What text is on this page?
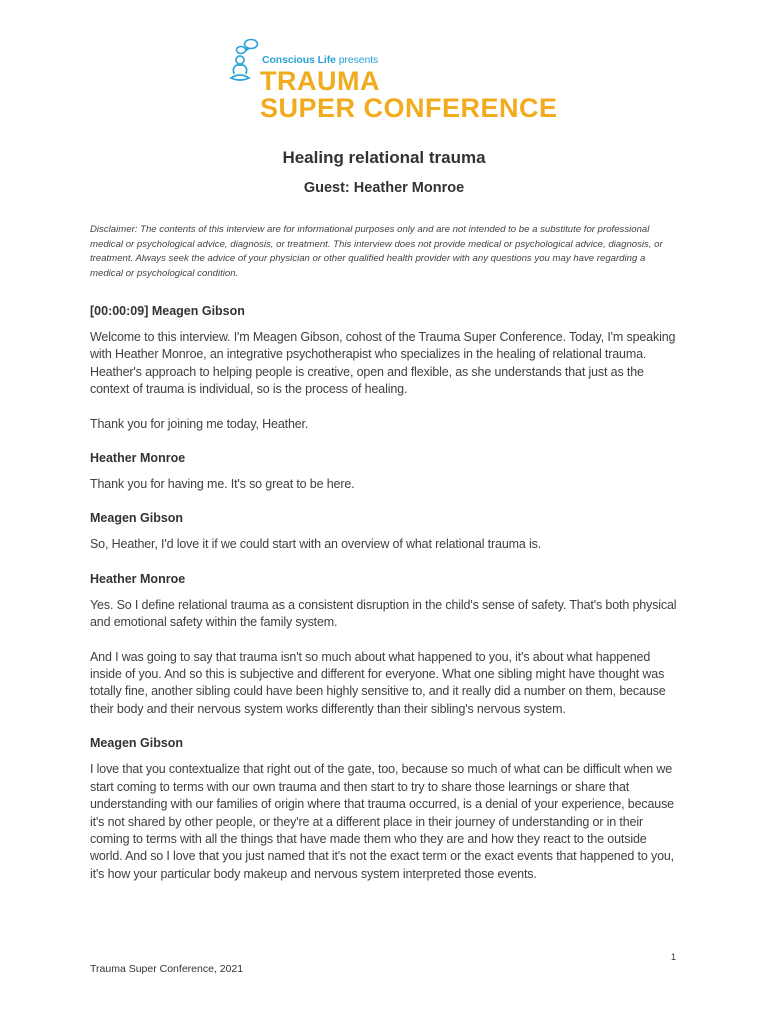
Conscious Life presents
TRAUMA
SUPER CONFERENCE
Healing relational trauma
Guest: Heather Monroe
Disclaimer: The contents of this interview are for informational purposes only and are not intended to be a substitute for professional medical or psychological advice, diagnosis, or treatment. This interview does not provide medical or psychological advice, diagnosis, or treatment. Always seek the advice of your physician or other qualified health provider with any questions you may have regarding a medical or psychological condition.
[00:00:09] Meagen Gibson

Welcome to this interview. I'm Meagen Gibson, cohost of the Trauma Super Conference. Today, I'm speaking with Heather Monroe, an integrative psychotherapist who specializes in the healing of relational trauma. Heather's approach to helping people is creative, open and flexible, as she understands that just as the context of trauma is individual, so is the process of healing.

Thank you for joining me today, Heather.

Heather Monroe

Thank you for having me. It's so great to be here.

Meagen Gibson

So, Heather, I'd love it if we could start with an overview of what relational trauma is.

Heather Monroe

Yes. So I define relational trauma as a consistent disruption in the child's sense of safety. That's both physical and emotional safety within the family system.

And I was going to say that trauma isn't so much about what happened to you, it's about what happened inside of you. And so this is subjective and different for everyone. What one sibling might have thought was totally fine, another sibling could have been highly sensitive to, and it really did a number on them, because their body and their nervous system works differently than their sibling's nervous system.

Meagen Gibson

I love that you contextualize that right out of the gate, too, because so much of what can be difficult when we start coming to terms with our own trauma and then start to try to share those learnings or share that understanding with our families of origin where that trauma occurred, is a denial of your experience, because it's not shared by other people, or they're at a different place in their journey of understanding or in their coming to terms with all the things that have made them who they are and how they react to the outside world. And so I love that you just named that it's not the exact term or the exact events that happened to you, it's how your particular body makeup and nervous system interpreted those events.

1
Trauma Super Conference, 2021
